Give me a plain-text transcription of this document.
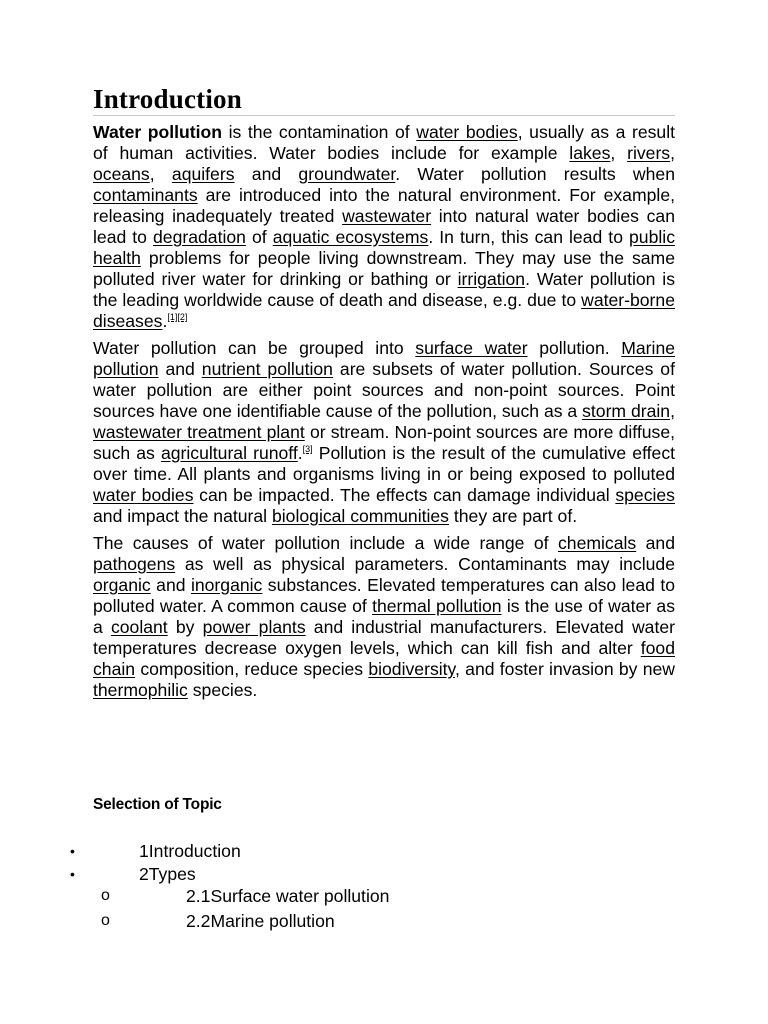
Introduction

Water pollution is the contamination of water bodies, usually as a result of human activities. Water bodies include for example lakes, rivers, oceans, aquifers and groundwater. Water pollution results when contaminants are introduced into the natural environment. For example, releasing inadequately treated wastewater into natural water bodies can lead to degradation of aquatic ecosystems. In turn, this can lead to public health problems for people living downstream. They may use the same polluted river water for drinking or bathing or irrigation. Water pollution is the leading worldwide cause of death and disease, e.g. due to water-borne diseases.[1][2]

Water pollution can be grouped into surface water pollution. Marine pollution and nutrient pollution are subsets of water pollution. Sources of water pollution are either point sources and non-point sources. Point sources have one identifiable cause of the pollution, such as a storm drain, wastewater treatment plant or stream. Non-point sources are more diffuse, such as agricultural runoff.[3] Pollution is the result of the cumulative effect over time. All plants and organisms living in or being exposed to polluted water bodies can be impacted. The effects can damage individual species and impact the natural biological communities they are part of.

The causes of water pollution include a wide range of chemicals and pathogens as well as physical parameters. Contaminants may include organic and inorganic substances. Elevated temperatures can also lead to polluted water. A common cause of thermal pollution is the use of water as a coolant by power plants and industrial manufacturers. Elevated water temperatures decrease oxygen levels, which can kill fish and alter food chain composition, reduce species biodiversity, and foster invasion by new thermophilic species.

Selection of Topic
•	1Introduction
•	2Types
o	2.1Surface water pollution
o	2.2Marine pollution
